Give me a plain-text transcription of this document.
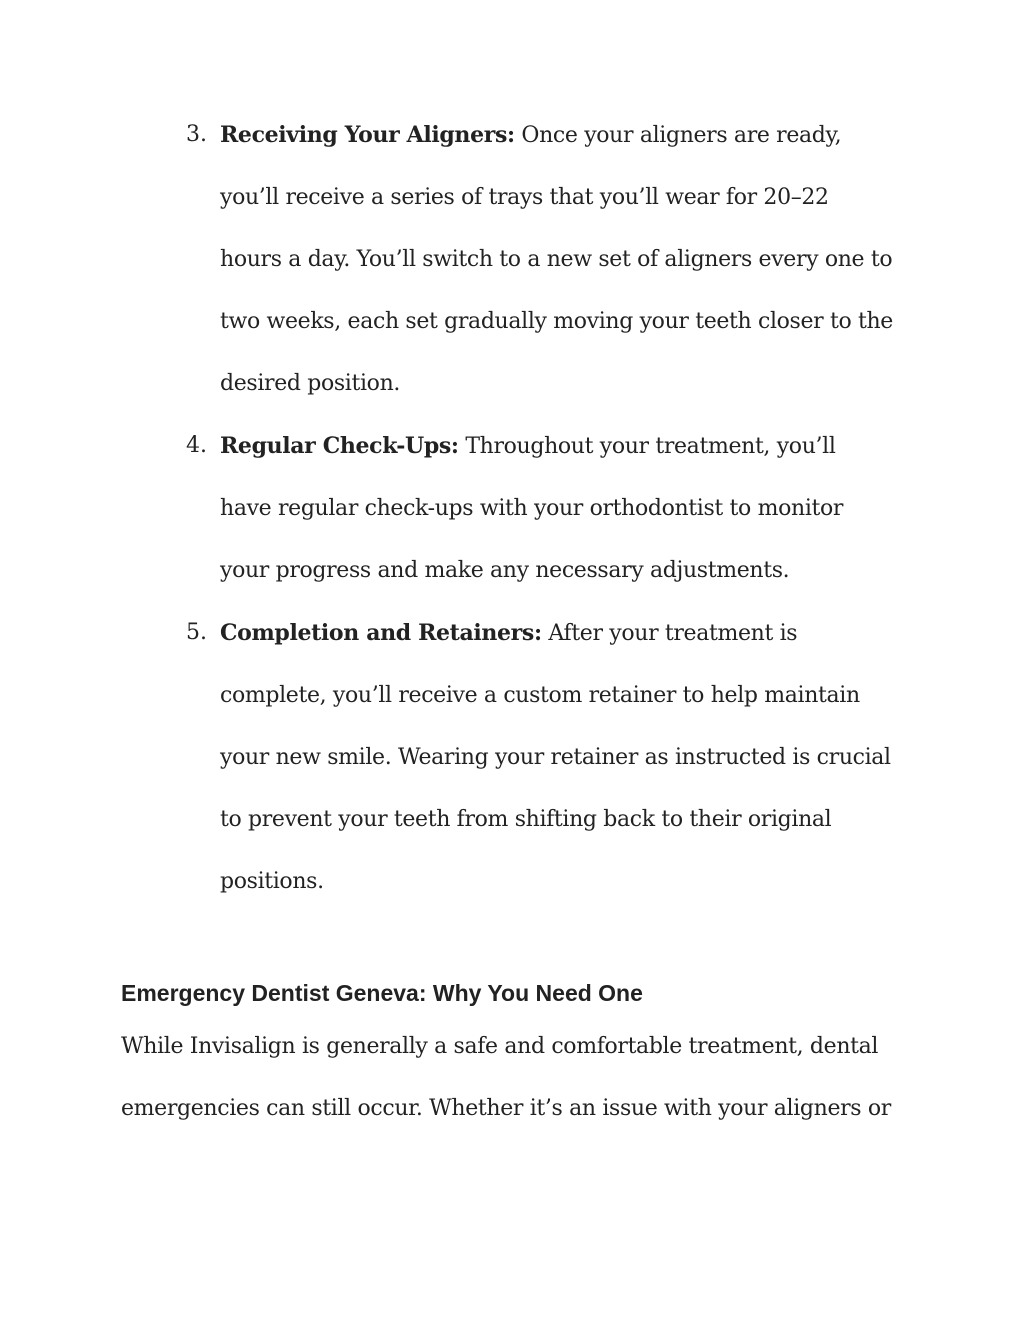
3. Receiving Your Aligners: Once your aligners are ready,
you’ll receive a series of trays that you’ll wear for 20–22
hours a day. You’ll switch to a new set of aligners every one to
two weeks, each set gradually moving your teeth closer to the
desired position.
4. Regular Check-Ups: Throughout your treatment, you’ll
have regular check-ups with your orthodontist to monitor
your progress and make any necessary adjustments.
5. Completion and Retainers: After your treatment is
complete, you’ll receive a custom retainer to help maintain
your new smile. Wearing your retainer as instructed is crucial
to prevent your teeth from shifting back to their original
positions.
Emergency Dentist Geneva: Why You Need One
While Invisalign is generally a safe and comfortable treatment, dental
emergencies can still occur. Whether it’s an issue with your aligners or
